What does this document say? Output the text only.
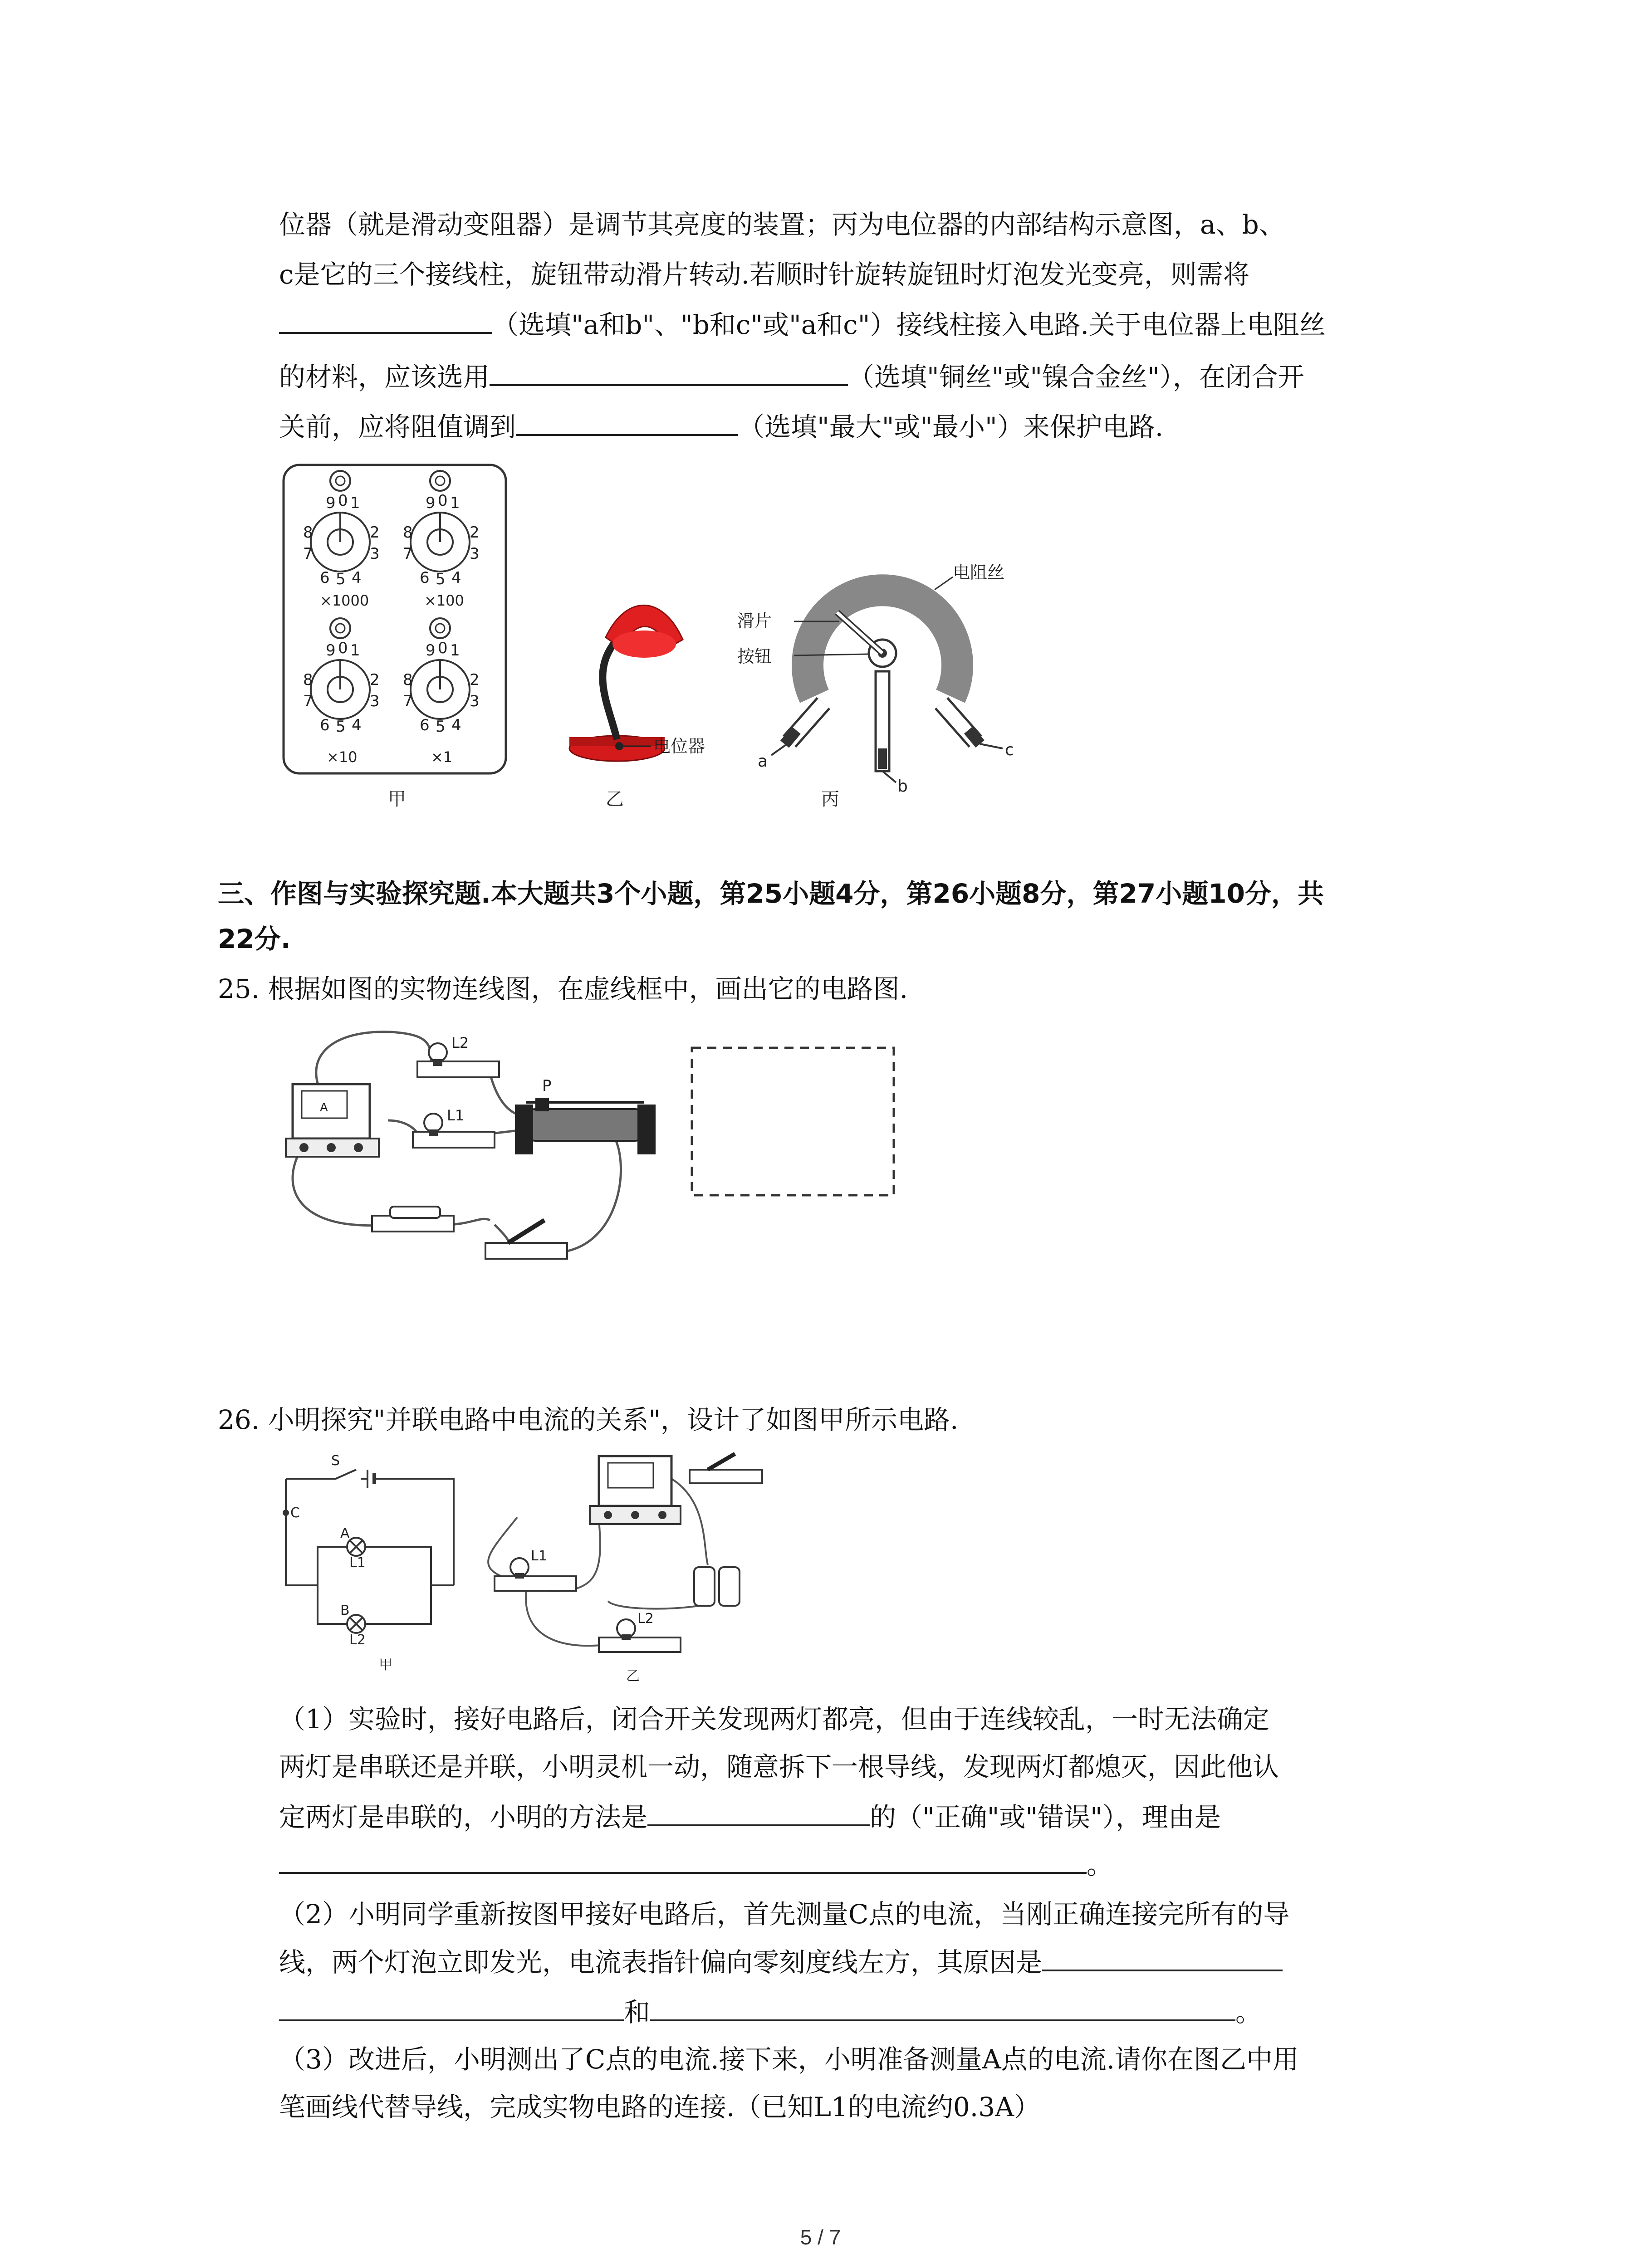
位器（就是滑动变阻器）是调节其亮度的装置；丙为电位器的内部结构示意图，a、b、
c是它的三个接线柱，旋钮带动滑片转动.若顺时针旋转旋钮时灯泡发光变亮，则需将
（选填"a和b"、"b和c"或"a和c"）接线柱接入电路.关于电位器上电阻丝
的材料，应该选用	（选填"铜丝"或"镍合金丝"），在闭合开
关前，应将阻值调到	（选填"最大"或"最小"）来保护电路.
9 0 1
8	2
7	3
6 5 4
9 0 1
8	2
7	3
6 5 4
9 0 1
8	2
7	3
6 5 4
9 0 1
8	2
7	3
6 5 4
×1000	×100
×10	×1
甲
电位器
乙
a
b
c
电阻丝
滑片
按钮
丙
三、作图与实验探究题.本大题共3个小题，第25小题4分，第26小题8分，第27小题10分，共
22分.
25. 根据如图的实物连线图，在虚线框中，画出它的电路图.
A
L2
L1
P
26. 小明探究"并联电路中电流的关系"，设计了如图甲所示电路.
S
C
A
L1
B
L2
甲
L1
L2
乙
（1）实验时，接好电路后，闭合开关发现两灯都亮，但由于连线较乱，一时无法确定
两灯是串联还是并联，小明灵机一动，随意拆下一根导线，发现两灯都熄灭，因此他认
定两灯是串联的，小明的方法是	的（"正确"或"错误"），理由是
。
（2）小明同学重新按图甲接好电路后，首先测量C点的电流，当刚正确连接完所有的导
线，两个灯泡立即发光，电流表指针偏向零刻度线左方，其原因是
和	。
（3）改进后，小明测出了C点的电流.接下来，小明准备测量A点的电流.请你在图乙中用
笔画线代替导线，完成实物电路的连接.（已知L1的电流约0.3A）
5 / 7
